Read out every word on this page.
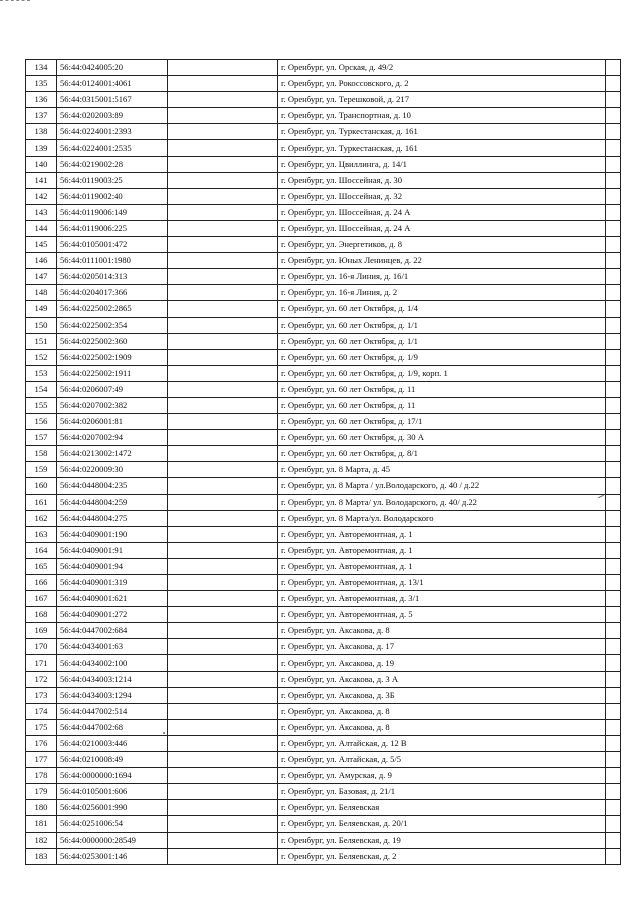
134	56:44:0424005:20		г. Оренбург, ул. Орская, д. 49/2	
135	56:44:0124001:4061		г. Оренбург, ул. Рокоссовского, д. 2	
136	56:44:0315001:5167		г. Оренбург, ул. Терешковой, д. 217	
137	56:44:0202003:89		г. Оренбург, ул. Транспортная, д. 10	
138	56:44:0224001:2393		г. Оренбург, ул. Туркестанская, д. 161	
139	56:44:0224001:2535		г. Оренбург, ул. Туркестанская, д. 161	
140	56:44:0219002:28		г. Оренбург, ул. Цвиллинга, д. 14/1	
141	56:44:0119003:25		г. Оренбург, ул. Шоссейная, д. 30	
142	56:44:0119002:40		г. Оренбург, ул. Шоссейная, д. 32	
143	56:44:0119006:149		г. Оренбург, ул. Шоссейная, д. 24 А	
144	56:44:0119006:225		г. Оренбург, ул. Шоссейная, д. 24 А	
145	56:44:0105001:472		г. Оренбург, ул. Энергетиков, д. 8	
146	56:44:0111001:1980		г. Оренбург, ул. Юных Ленинцев, д. 22	
147	56:44:0205014:313		г. Оренбург, ул. 16-я Линия, д. 16/1	
148	56:44:0204017:366		г. Оренбург, ул. 16-я Линия, д. 2	
149	56:44:0225002:2865		г. Оренбург, ул. 60 лет Октября, д. 1/4	
150	56:44:0225002:354		г. Оренбург, ул. 60 лет Октября, д. 1/1	
151	56:44:0225002:360		г. Оренбург, ул. 60 лет Октября, д. 1/1	
152	56:44:0225002:1909		г. Оренбург, ул. 60 лет Октября, д. 1/9	
153	56:44:0225002:1911		г. Оренбург, ул. 60 лет Октября, д. 1/9, корп. 1	
154	56:44:0206007:49		г. Оренбург, ул. 60 лет Октября, д. 11	
155	56:44:0207002:382		г. Оренбург, ул. 60 лет Октября, д. 11	
156	56:44:0206001:81		г. Оренбург, ул. 60 лет Октября, д. 17/1	
157	56:44:0207002:94		г. Оренбург, ул. 60 лет Октября, д. 30 А	
158	56:44:0213002:1472		г. Оренбург, ул. 60 лет Октября, д. 8/1	
159	56:44:0220009:30		г. Оренбург, ул. 8 Марта, д. 45	
160	56:44:0448004:235		г. Оренбург, ул. 8 Марта / ул.Володарского, д. 40 / д.22	
161	56:44:0448004:259		г. Оренбург, ул. 8 Марта/ ул. Володарского, д. 40/ д.22	
162	56:44:0448004:275		г. Оренбург, ул. 8 Марта/ул. Володарского	
163	56:44:0409001:190		г. Оренбург, ул. Авторемонтная, д. 1	
164	56:44:0409001:91		г. Оренбург, ул. Авторемонтная, д. 1	
165	56:44:0409001:94		г. Оренбург, ул. Авторемонтная, д. 1	
166	56:44:0409001:319		г. Оренбург, ул. Авторемонтная, д. 13/1	
167	56:44:0409001:621		г. Оренбург, ул. Авторемонтная, д. 3/1	
168	56:44:0409001:272		г. Оренбург, ул. Авторемонтная, д. 5	
169	56:44:0447002:684		г. Оренбург, ул. Аксакова, д. 8	
170	56:44:0434001:63		г. Оренбург, ул. Аксакова, д. 17	
171	56:44:0434002:100		г. Оренбург, ул. Аксакова, д. 19	
172	56:44:0434003:1214		г. Оренбург, ул. Аксакова, д. 3 А	
173	56:44:0434003:1294		г. Оренбург, ул. Аксакова, д. 3Б	
174	56:44:0447002:514		г. Оренбург, ул. Аксакова, д. 8	
175	56:44:0447002:68		г. Оренбург, ул. Аксакова, д. 8	
176	56:44:0210003:446		г. Оренбург, ул. Алтайская, д. 12 В	
177	56:44:0210008:49		г. Оренбург, ул. Алтайская, д. 5/5	
178	56:44:0000000:1694		г. Оренбург, ул. Амурская, д. 9	
179	56:44:0105001:606		г. Оренбург, ул. Базовая, д. 21/1	
180	56:44:0256001:990		г. Оренбург, ул. Беляевская	
181	56:44:0251006:54		г. Оренбург, ул. Беляевская, д. 20/1	
182	56:44:0000000:28549		г. Оренбург, ул. Беляевская, д. 19	
183	56:44:0253001:146		г. Оренбург, ул. Беляевская, д. 2	
